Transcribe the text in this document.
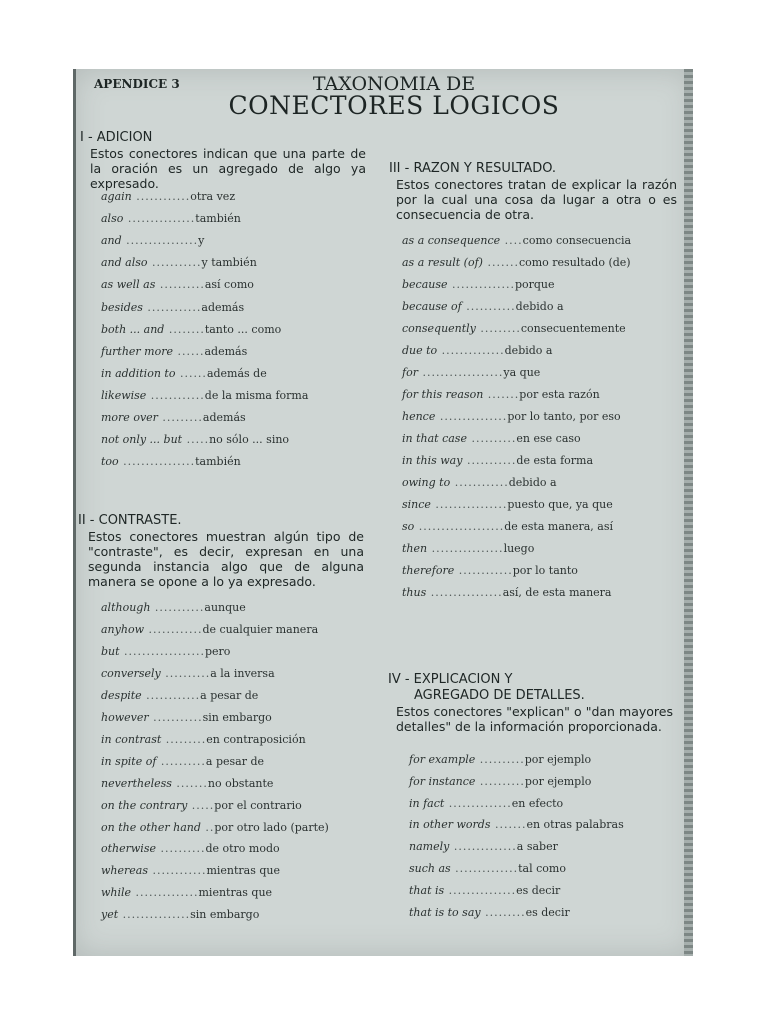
APENDICE 3	TAXONOMIA DE
CONECTORES LOGICOS
I - ADICION
Estos conectores indican que una parte de la oración es un agregado de algo ya expresado.
again ............otra vez
also ...............también
and ................y
and also ...........y también
as well as ..........así como
besides ............además
both ... and ........tanto ... como
further more ......además
in addition to ......además de
likewise ............de la misma forma
more over .........además
not only ... but .....no sólo ... sino
too ................también
II - CONTRASTE.
Estos conectores muestran algún tipo de "contraste", es decir, expresan en una segunda instancia algo que de alguna manera se opone a lo ya expresado.
although ...........aunque
anyhow ............de cualquier manera
but ..................pero
conversely ..........a la inversa
despite ............a pesar de
however ...........sin embargo
in contrast .........en contraposición
in spite of ..........a pesar de
nevertheless .......no obstante
on the contrary .....por el contrario
on the other hand ..por otro lado (parte)
otherwise ..........de otro modo
whereas ............mientras que
while ..............mientras que
yet ...............sin embargo
III - RAZON Y RESULTADO.
Estos conectores tratan de explicar la razón por la cual una cosa da lugar a otra o es consecuencia de otra.
as a consequence ....como consecuencia
as a result (of) .......como resultado (de)
because ..............porque
because of ...........debido a
consequently .........consecuentemente
due to ..............debido a
for ..................ya que
for this reason .......por esta razón
hence ...............por lo tanto, por eso
in that case ..........en ese caso
in this way ...........de esta forma
owing to ............debido a
since ................puesto que, ya que
so ...................de esta manera, así
then ................luego
therefore ............por lo tanto
thus ................así, de esta manera
IV - EXPLICACION Y
AGREGADO DE DETALLES.
Estos conectores "explican" o "dan mayores detalles" de la información proporcionada.
for example ..........por ejemplo
for instance ..........por ejemplo
in fact ..............en efecto
in other words .......en otras palabras
namely ..............a saber
such as ..............tal como
that is ...............es decir
that is to say .........es decir
